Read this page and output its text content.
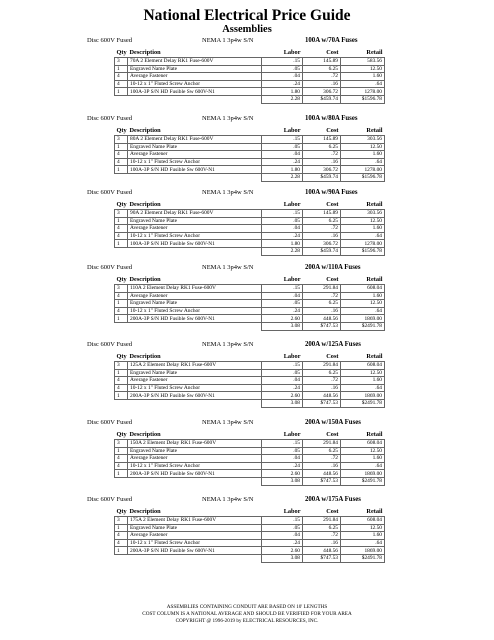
National Electrical Price Guide
Assemblies
Disc 600V Fused	NEMA 1 3p4w S/N	100A w/70A Fuses
Qty	Description	Labor	Cost	Retail
3	70A 2 Element Delay RK1 Fuse-600V	.15	145.89	583.56
1	Engraved Name Plate	.05	6.25	12.50
4	Average Fastener	.04	.72	1.60
4	10-12 x 1" Fluted Screw Anchor	.24	.16	.64
1	100A-3P S/N HD Fusible Sw 600V-N1	1.80	306.72	1278.00
		2.28	$459.74	$1596.78
Disc 600V Fused	NEMA 1 3p4w S/N	100A w/80A Fuses
Qty	Description	Labor	Cost	Retail
3	80A 2 Element Delay RK1 Fuse-600V	.15	145.89	303.56
1	Engraved Name Plate	.05	6.25	12.50
4	Average Fastener	.04	.72	1.60
4	10-12 x 1" Fluted Screw Anchor	.24	.16	.64
1	100A-3P S/N HD Fusible Sw 600V-N1	1.80	306.72	1278.00
		2.28	$459.74	$1596.78
Disc 600V Fused	NEMA 1 3p4w S/N	100A w/90A Fuses
Qty	Description	Labor	Cost	Retail
3	90A 2 Element Delay RK1 Fuse-600V	.15	145.89	303.56
1	Engraved Name Plate	.05	6.25	12.50
4	Average Fastener	.04	.72	1.60
4	10-12 x 1" Fluted Screw Anchor	.24	.16	.64
1	100A-3P S/N HD Fusible Sw 600V-N1	1.80	306.72	1278.00
		2.28	$459.74	$1596.78
Disc 600V Fused	NEMA 1 3p4w S/N	200A w/110A Fuses
Qty	Description	Labor	Cost	Retail
3	110A 2 Element Delay RK1 Fuse-600V	.15	291.84	608.04
4	Average Fastener	.04	.72	1.60
1	Engraved Name Plate	.05	6.25	12.50
4	10-12 x 1" Fluted Screw Anchor	.24	.16	.64
1	200A-3P S/N HD Fusible Sw 600V-N1	2.60	448.56	1869.00
		3.08	$747.53	$2491.78
Disc 600V Fused	NEMA 1 3p4w S/N	200A w/125A Fuses
Qty	Description	Labor	Cost	Retail
3	125A 2 Element Delay RK1 Fuse-600V	.15	291.84	608.04
1	Engraved Name Plate	.05	6.25	12.50
4	Average Fastener	.04	.72	1.60
4	10-12 x 1" Fluted Screw Anchor	.24	.16	.64
1	200A-3P S/N HD Fusible Sw 600V-N1	2.60	448.56	1869.00
		3.08	$747.53	$2491.78
Disc 600V Fused	NEMA 1 3p4w S/N	200A w/150A Fuses
Qty	Description	Labor	Cost	Retail
3	150A 2 Element Delay RK1 Fuse-600V	.15	291.84	608.04
1	Engraved Name Plate	.05	6.25	12.50
4	Average Fastener	.04	.72	1.60
4	10-12 x 1" Fluted Screw Anchor	.24	.16	.64
1	200A-3P S/N HD Fusible Sw 600V-N1	2.60	448.56	1869.00
		3.08	$747.53	$2491.78
Disc 600V Fused	NEMA 1 3p4w S/N	200A w/175A Fuses
Qty	Description	Labor	Cost	Retail
3	175A 2 Element Delay RK1 Fuse-600V	.15	291.84	608.04
1	Engraved Name Plate	.05	6.25	12.50
4	Average Fastener	.04	.72	1.60
4	10-12 x 1" Fluted Screw Anchor	.24	.16	.64
1	200A-3P S/N HD Fusible Sw 600V-N1	2.60	448.56	1869.00
		3.08	$747.53	$2491.78
ASSEMBLIES CONTAINING CONDUIT ARE BASED ON 10' LENGTHS
COST COLUMN IS A NATIONAL AVERAGE AND SHOULD BE VERIFIED FOR YOUR AREA
COPYRIGHT @ 1996-2019 by ELECTRICAL RESOURCES, INC.
